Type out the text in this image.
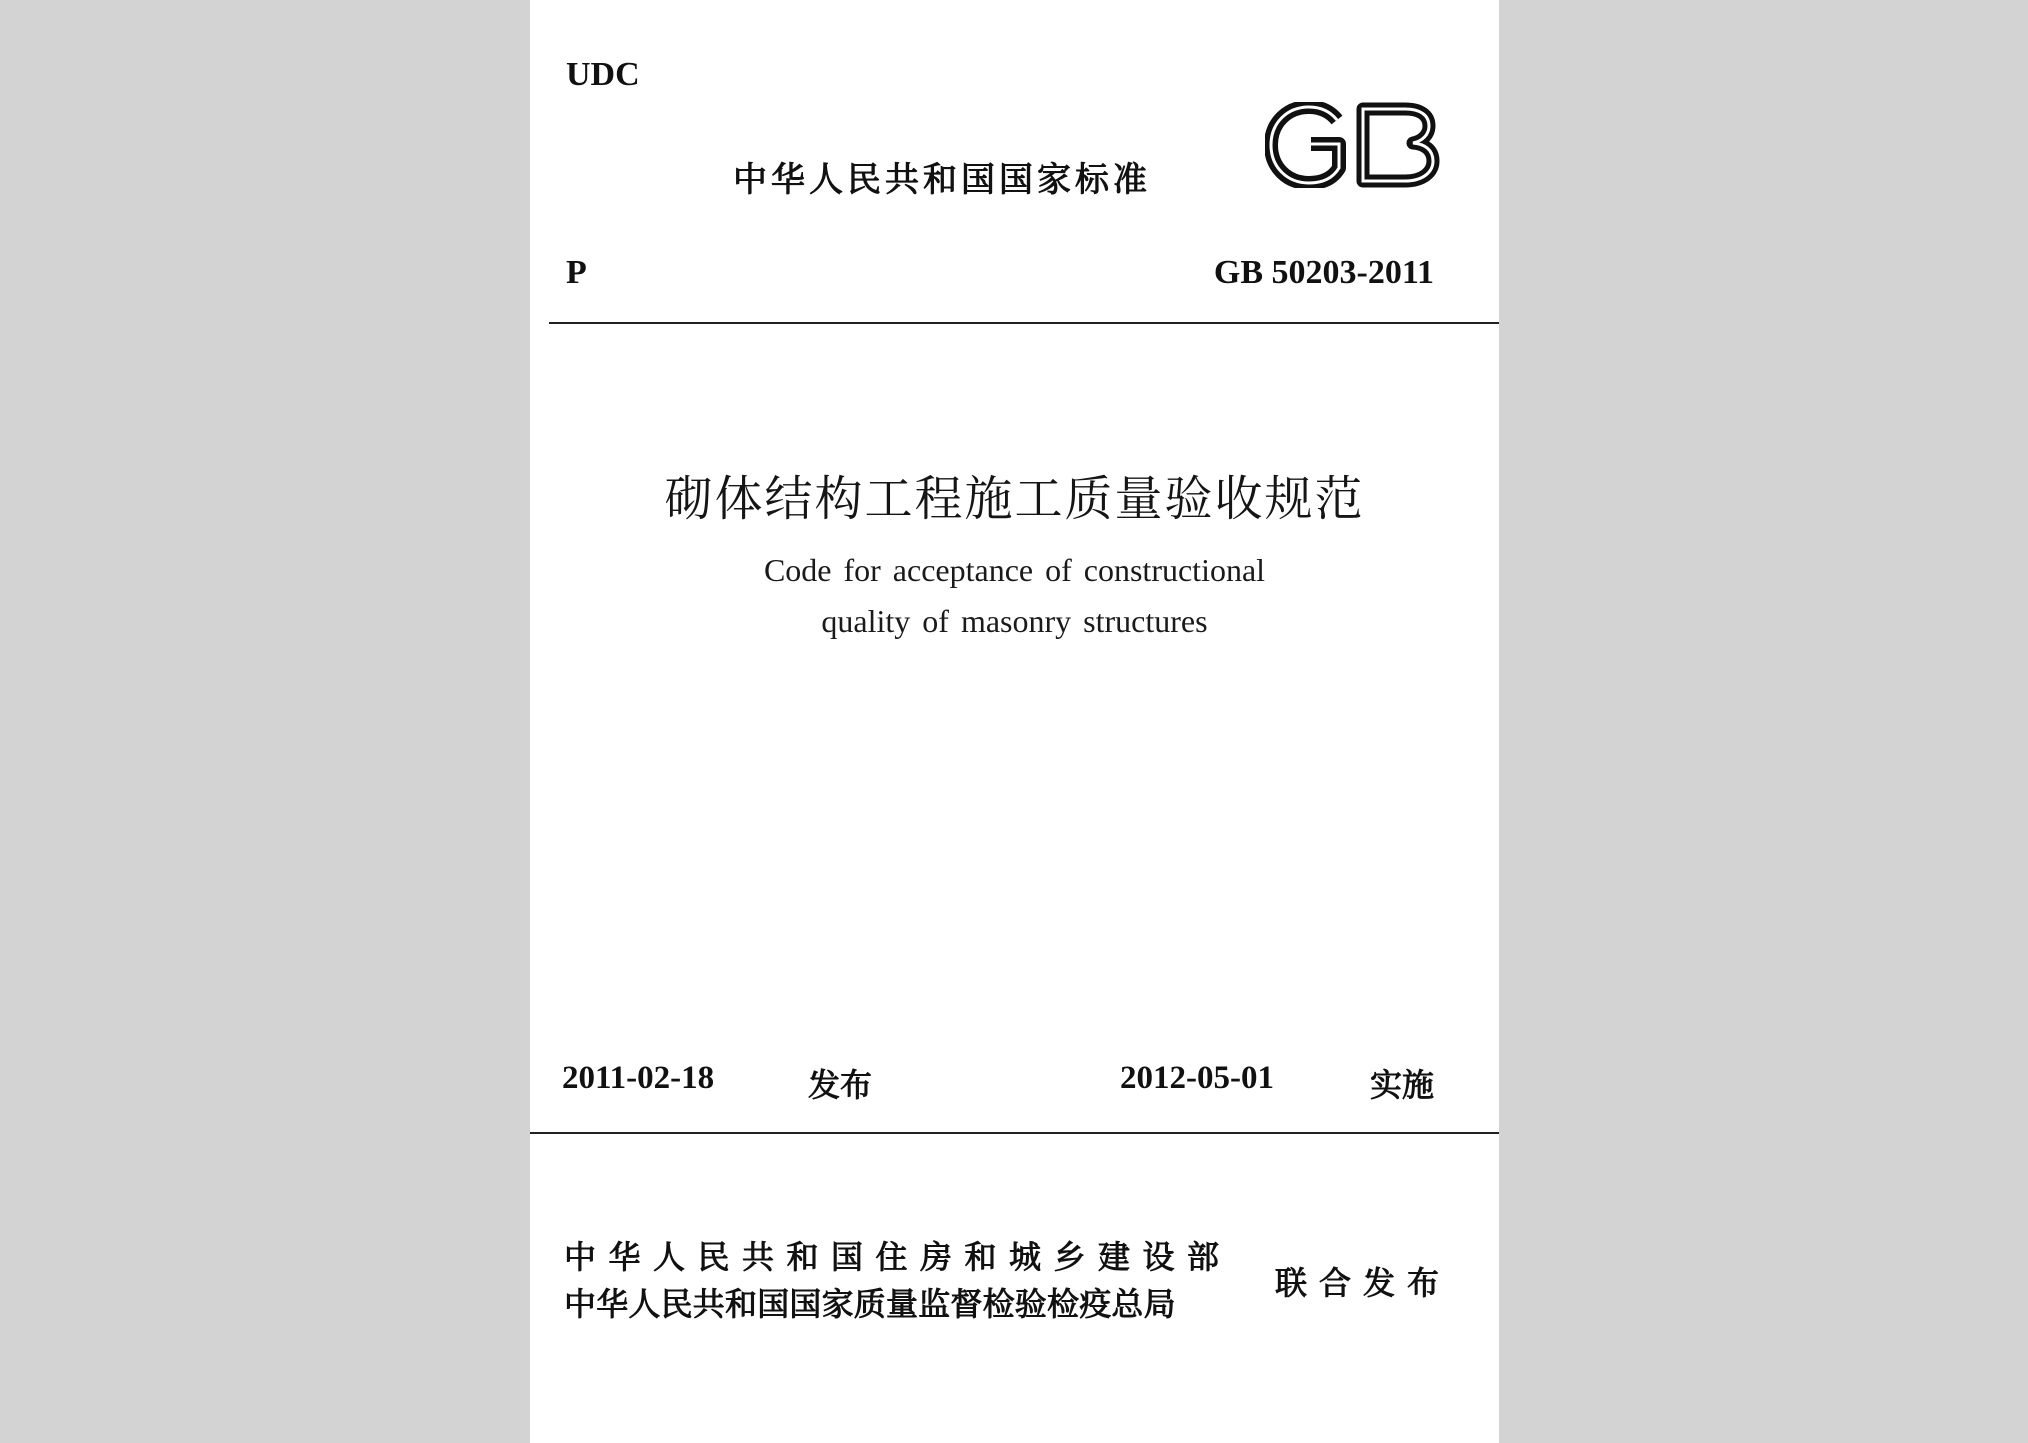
UDC
中华人民共和国国家标准
P	GB 50203-2011
砌体结构工程施工质量验收规范
Code for acceptance of constructional
quality of masonry structures
2011-02-18	发布	2012-05-01	实施
中华人民共和国住房和城乡建设部
中华人民共和国国家质量监督检验检疫总局
联合发布
